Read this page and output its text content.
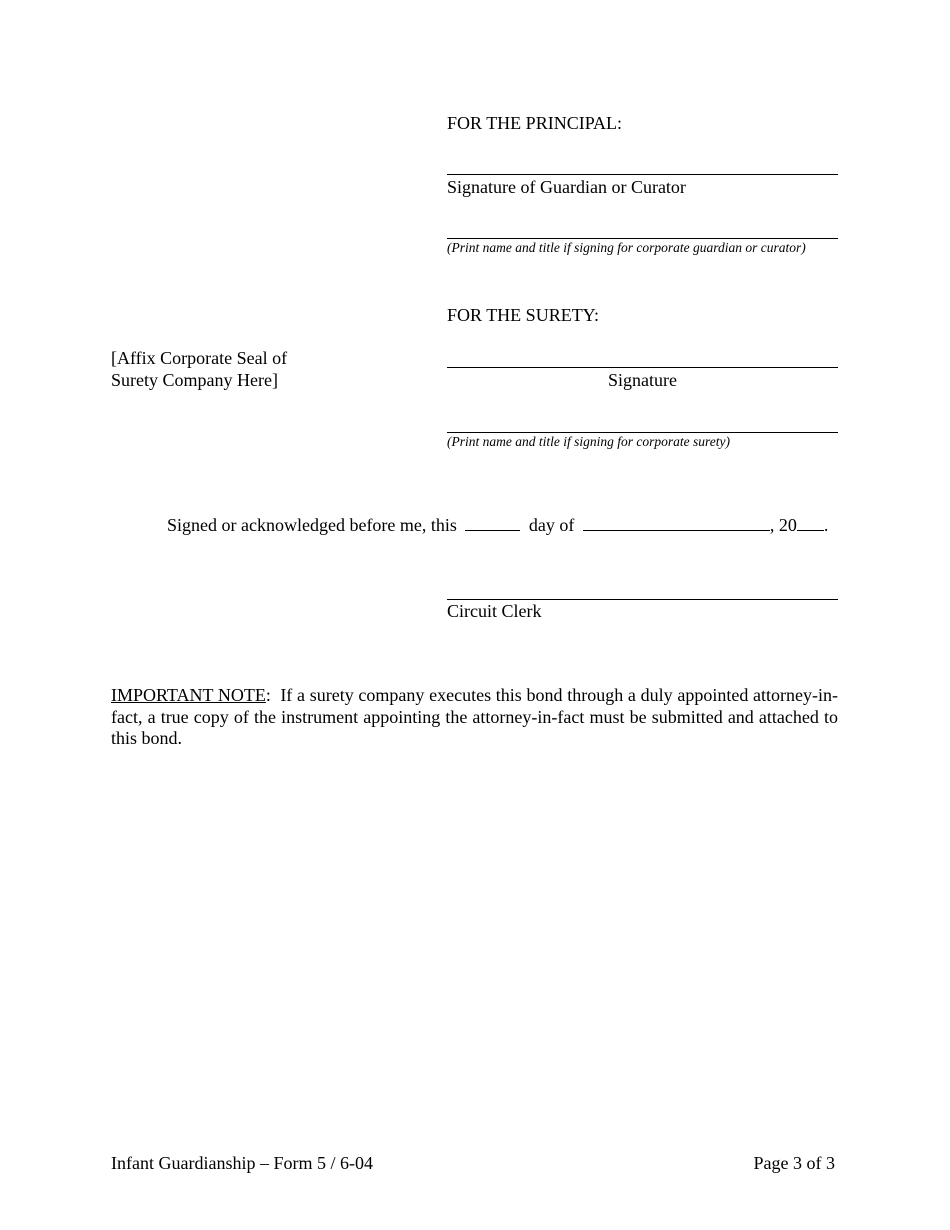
FOR THE PRINCIPAL:
Signature of Guardian or Curator
(Print name and title if signing for corporate guardian or curator)
FOR THE SURETY:
[Affix Corporate Seal of
Surety Company Here]	Signature
(Print name and title if signing for corporate surety)
Signed or acknowledged before me, this	day of	, 20 .
Circuit Clerk
IMPORTANT NOTE: If a surety company executes this bond through a duly appointed attorney-in-fact, a true copy of the instrument appointing the attorney-in-fact must be submitted and attached to this bond.
Infant Guardianship – Form 5 / 6-04	Page 3 of 3
